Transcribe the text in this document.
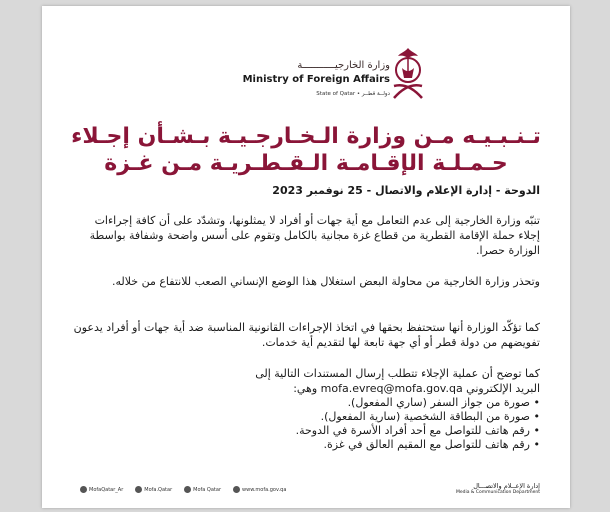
وزارة الخارجيـــــــــــة
Ministry of Foreign Affairs
State of Qatar • دولــة قطــر
تـنـبـيـه مـن وزارة الـخـارجـيـة بـشـأن إجـلاء
حـمـلـة الإقـامـة الـقـطـريـة مـن غـزة
الدوحة - إدارة الإعلام والاتصال - 25 نوفمبر 2023
تنبّه وزارة الخارجية إلى عدم التعامل مع أية جهات أو أفراد لا يمثلونها، وتشدّد على أن كافة إجراءات إجلاء حملة الإقامة القطرية من قطاع غزة مجانية بالكامل وتقوم على أسس واضحة وشفافة بواسطة الوزارة حصرا.
وتحذر وزارة الخارجية من محاولة البعض استغلال هذا الوضع الإنساني الصعب للانتفاع من خلاله.
كما تؤكّد الوزارة أنها ستحتفظ بحقها في اتخاذ الإجراءات القانونية المناسبة ضد أية جهات أو أفراد يدعون تفويضهم من دولة قطر أو أي جهة تابعة لها لتقديم أية خدمات.
كما توضح أن عملية الإجلاء تتطلب إرسال المستندات التالية إلى
البريد الإلكتروني mofa.evreq@mofa.gov.qa وهي:
• صورة من جواز السفر (ساري المفعول).
• صورة من البطاقة الشخصية (سارية المفعول).
• رقم هاتف للتواصل مع أحد أفراد الأسرة في الدوحة.
• رقم هاتف للتواصل مع المقيم العالق في غزة.
MofaQatar_Ar	Mofa.Qatar	Mofa Qatar	www.mofa.gov.qa	إدارة الإعــلام والاتصـــال
Media & Communication Department
